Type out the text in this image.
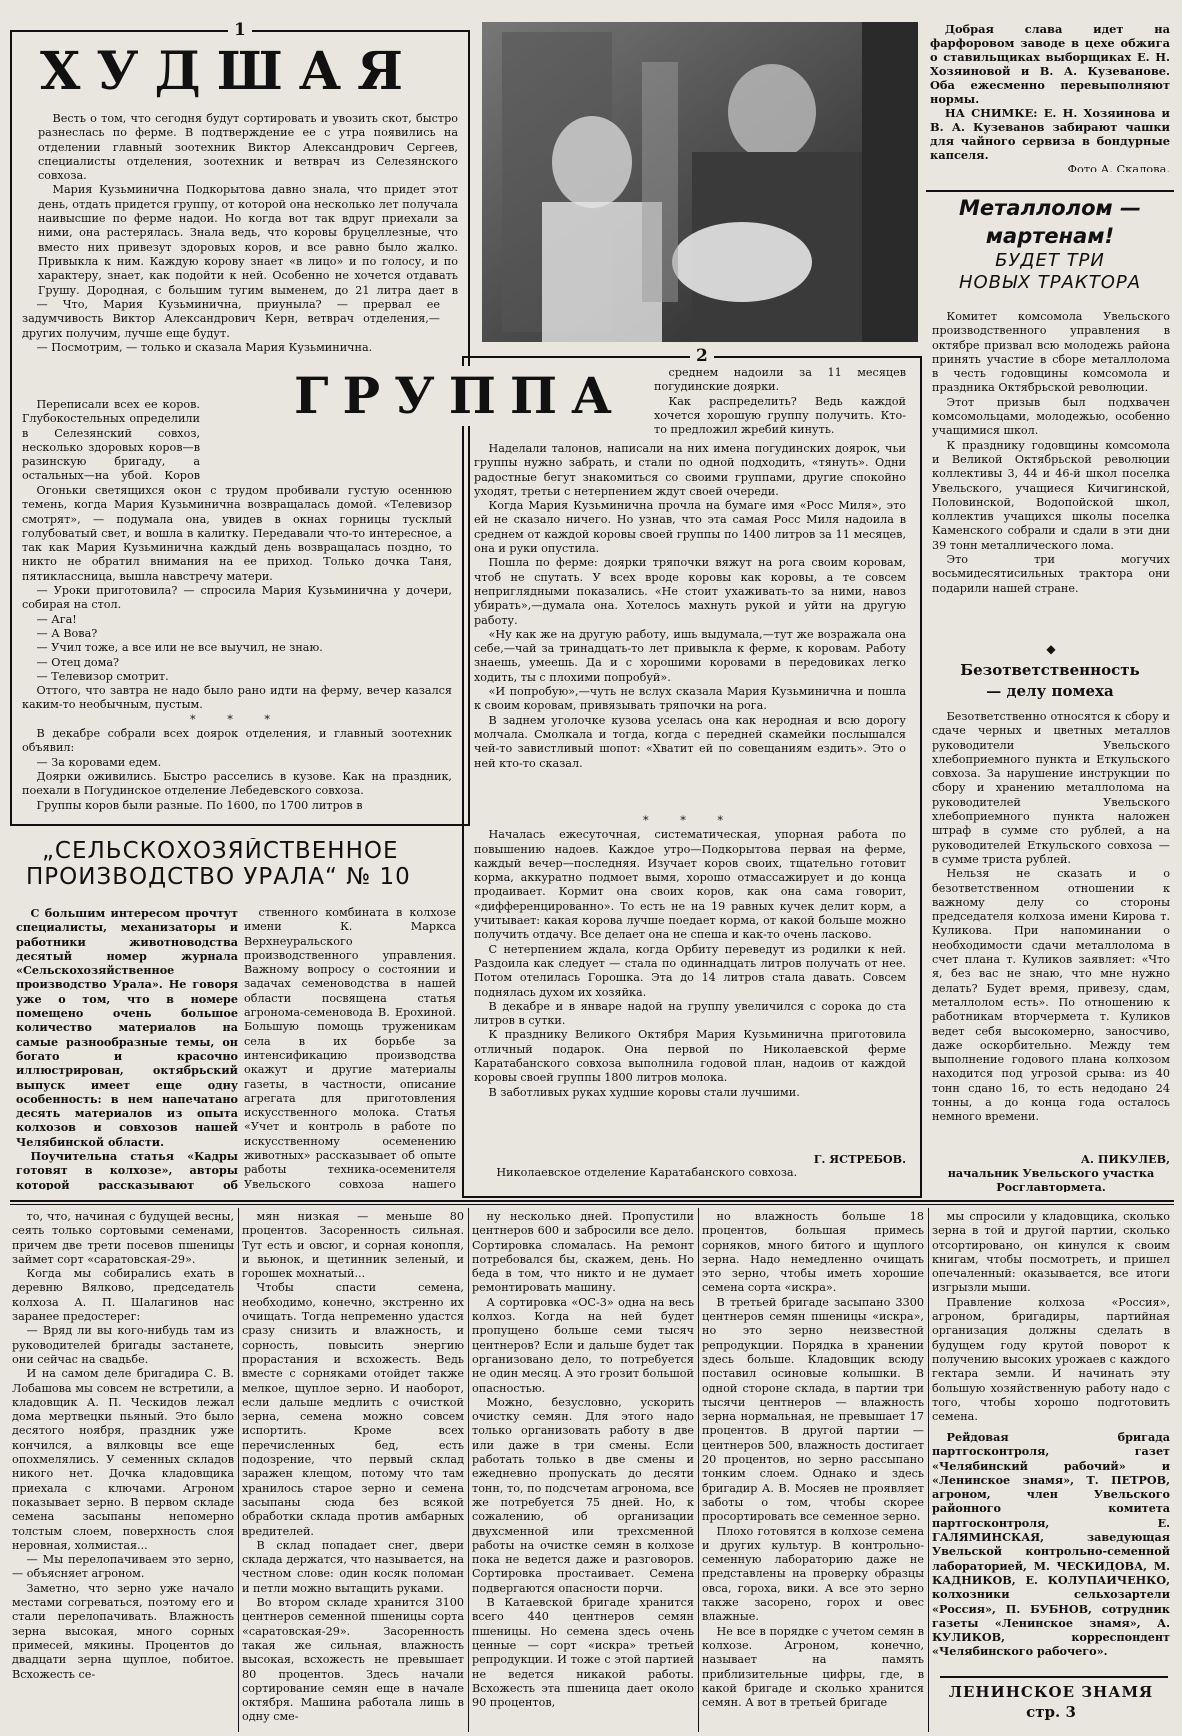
1
ХУДШАЯ

Весть о том, что сегодня будут сортировать и увозить скот, быстро разнеслась по ферме. В подтверждение ее с утра появились на отделении главный зоотехник Виктор Александрович Сергеев, специалисты отделения, зоотехник и ветврач из Селезянского совхоза.

Мария Кузьминична Подкорытова давно знала, что придет этот день, отдать придется группу, от которой она несколько лет получала наивысшие по ферме надои. Но когда вот так вдруг приехали за ними, она растерялась. Знала ведь, что коровы бруцеллезные, что вместо них привезут здоровых коров, и все равно было жалко. Привыкла к ним. Каждую корову знает «в лицо» и по голосу, и по характеру, знает, как подойти к ней. Особенно не хочется отдавать Грушу. Дородная, с большим тугим выменем, до 21 литра дает в

— Что, Мария Кузьминична, приуныла? — прервал ее задумчивость Виктор Александрович Керн, ветврач отделения,—других получим, лучше еще будут.

— Посмотрим, — только и сказала Мария Кузьминична.

Переписали всех ее коров. Глубокостельных определили в Селезянский совхоз, несколько здоровых коров—в разинскую бригаду, а остальных—на убой. Коров

Огоньки светящихся окон с трудом пробивали густую осеннюю темень, когда Мария Кузьминична возвращалась домой. «Телевизор смотрят», — подумала она, увидев в окнах горницы тусклый голубоватый свет, и вошла в калитку. Передавали что-то интересное, а так как Мария Кузьминична каждый день возвращалась поздно, то никто не обратил внимания на ее приход. Только дочка Таня, пятиклассница, вышла навстречу матери.

— Уроки приготовила? — спросила Мария Кузьминична у дочери, собирая на стол.

— Ага!

— А Вова?

— Учил тоже, а все или не все выучил, не знаю.

— Отец дома?

— Телевизор смотрит.

Оттого, что завтра не надо было рано идти на ферму, вечер казался каким-то необычным, пустым.

* * *

В декабре собрали всех доярок отделения, и главный зоотехник объявил:

— За коровами едем.

Доярки оживились. Быстро расселись в кузове. Как на праздник, поехали в Погудинское отделение Лебедевского совхоза.

Группы коров были разные. По 1600, по 1700 литров в

Добрая слава идет на фарфоровом заводе в цехе обжига о ставильщиках выборщиках Е. Н. Хозяиновой и В. А. Кузеванове. Оба ежесменно перевыполняют нормы.

НА СНИМКЕ: Е. Н. Хозяинова и В. А. Кузеванов забирают чашки для чайного сервиза в бондурные капселя.

Фото А. Скалова.

2
ГРУППА	среднем надоили за 11 месяцев погудинские доярки.

Как распределить? Ведь каждой хочется хорошую группу получить. Кто-то предложил жребий кинуть.

Наделали талонов, написали на них имена погудинских доярок, чьи группы нужно забрать, и стали по одной подходить, «тянуть». Одни радостные бегут знакомиться со своими группами, другие спокойно уходят, третьи с нетерпением ждут своей очереди.

Когда Мария Кузьминична прочла на бумаге имя «Росс Миля», это ей не сказало ничего. Но узнав, что эта самая Росс Миля надоила в среднем от каждой коровы своей группы по 1400 литров за 11 месяцев, она и руки опустила.

Пошла по ферме: доярки тряпочки вяжут на рога своим коровам, чтоб не спутать. У всех вроде коровы как коровы, а те совсем неприглядными показались. «Не стоит ухаживать-то за ними, навоз убирать»,—думала она. Хотелось махнуть рукой и уйти на другую работу.

«Ну как же на другую работу, ишь выдумала,—тут же возражала она себе,—чай за тринадцать-то лет привыкла к ферме, к коровам. Работу знаешь, умеешь. Да и с хорошими коровами в передовиках легко ходить, ты с плохими попробуй».

«И попробую»,—чуть не вслух сказала Мария Кузьминична и пошла к своим коровам, привязывать тряпочки на рога.

В заднем уголочке кузова уселась она как неродная и всю дорогу молчала. Смолкала и тогда, когда с передней скамейки послышался чей-то завистливый шопот: «Хватит ей по совещаниям ездить». Это о ней кто-то сказал.

* * *

Началась ежесуточная, систематическая, упорная работа по повышению надоев. Каждое утро—Подкорытова первая на ферме, каждый вечер—последняя. Изучает коров своих, тщательно готовит корма, аккуратно подмоет вымя, хорошо отмассажирует и до конца продаивает. Кормит она своих коров, как она сама говорит, «дифференцированно». То есть не на 19 равных кучек делит корм, а учитывает: какая корова лучше поедает корма, от какой больше можно получить отдачу. Все делает она не спеша и как-то очень ласково.

С нетерпением ждала, когда Орбиту переведут из родилки к ней. Раздоила как следует — стала по одиннадцать литров получать от нее. Потом отелилась Горошка. Эта до 14 литров стала давать. Совсем поднялась духом их хозяйка.

В декабре и в январе надой на группу увеличился с сорока до ста литров в сутки.

К празднику Великого Октября Мария Кузьминична приготовила отличный подарок. Она первой по Николаевской ферме Каратабанского совхоза выполнила годовой план, надоив от каждой коровы своей группы 1800 литров молока.

В заботливых руках худшие коровы стали лучшими.

Г. ЯСТРЕБОВ.

Николаевское отделение Каратабанского совхоза.

„СЕЛЬСКОХОЗЯЙСТВЕННОЕ
ПРОИЗВОДСТВО УРАЛА“ № 10

С большим интересом прочтут специалисты, механизаторы и работники животноводства десятый номер журнала «Сельскохозяйственное производство Урала». Не говоря уже о том, что в номере помещено очень большое количество материалов на самые разнообразные темы, он богато и красочно иллюстрирован, октябрьский выпуск имеет еще одну особенность: в нем напечатано десять материалов из опыта колхозов и совхозов нашей Челябинской области.

Поучительна статья «Кадры готовят в колхозе», авторы которой рассказывают об

ственного комбината в колхозе имени К. Маркса Верхнеуральского производственного управления. Важному вопросу о состоянии и задачах семеноводства в нашей области посвящена статья агронома-семеновода В. Ерохиной. Большую помощь труженикам села в их борьбе за интенсификацию производства окажут и другие материалы газеты, в частности, описание агрегата для приготовления искусственного молока. Статья «Учет и контроль в работе по искусственному осеменению животных» рассказывает об опыте работы техника-осеменителя Увельского совхоза нашего

Металлолом —
мартенам!
БУДЕТ ТРИ
НОВЫХ ТРАКТОРА

Комитет комсомола Увельского производственного управления в октябре призвал всю молодежь района принять участие в сборе металлолома в честь годовщины комсомола и праздника Октябрьской революции.

Этот призыв был подхвачен комсомольцами, молодежью, особенно учащимися школ.

К празднику годовщины комсомола и Великой Октябрьской революции коллективы 3, 44 и 46-й школ поселка Увельского, учащиеся Кичигинской, Половинской, Водопойской школ, коллектив учащихся школы поселка Каменского собрали и сдали в эти дни 39 тонн металлического лома.

Это три могучих восьмидесятисильных трактора они подарили нашей стране.

◆
Безответственность
— делу помеха

Безответственно относятся к сбору и сдаче черных и цветных металлов руководители Увельского хлебоприемного пункта и Еткульского совхоза. За нарушение инструкции по сбору и хранению металлолома на руководителей Увельского хлебоприемного пункта наложен штраф в сумме сто рублей, а на руководителей Еткульского совхоза — в сумме триста рублей.

Нельзя не сказать и о безответственном отношении к важному делу со стороны председателя колхоза имени Кирова т. Куликова. При напоминании о необходимости сдачи металлолома в счет плана т. Куликов заявляет: «Что я, без вас не знаю, что мне нужно делать? Будет время, привезу, сдам, металлолом есть». По отношению к работникам вторчермета т. Куликов ведет себя высокомерно, заносчиво, даже оскорбительно. Между тем выполнение годового плана колхозом находится под угрозой срыва: из 40 тонн сдано 16, то есть недодано 24 тонны, а до конца года осталось немного времени.

А. ПИКУЛЕВ,
начальник Увельского участка Росглавтормета.

то, что, начиная с будущей весны, сеять только сортовыми семенами, причем две трети посевов пшеницы займет сорт «саратовская-29».

Когда мы собирались ехать в деревню Вялково, председатель колхоза А. П. Шалагинов нас заранее предостерег:

— Вряд ли вы кого-нибудь там из руководителей бригады застанете, они сейчас на свадьбе.

И на самом деле бригадира С. В. Лобашова мы совсем не встретили, а кладовщик А. П. Ческидов лежал дома мертвецки пьяный. Это было десятого ноября, праздник уже кончился, а вялковцы все еще опохмелялись. У семенных складов никого нет. Дочка кладовщика приехала с ключами. Агроном показывает зерно. В первом складе семена засыпаны непомерно толстым слоем, поверхность слоя неровная, холмистая...

— Мы перелопачиваем это зерно, — объясняет агроном.

Заметно, что зерно уже начало местами согреваться, поэтому его и стали перелопачивать. Влажность зерна высокая, много сорных примесей, мякины. Процентов до двадцати зерна щуплое, побитое. Всхожесть се-

мян низкая — меньше 80 процентов. Засоренность сильная. Тут есть и овсюг, и сорная конопля, и вьюнок, и щетинник зеленый, и горошек мохнатый...

Чтобы спасти семена, необходимо, конечно, экстренно их очищать. Тогда непременно удастся сразу снизить и влажность, и сорность, повысить энергию прорастания и всхожесть. Ведь вместе с сорняками отойдет также мелкое, щуплое зерно. И наоборот, если дальше медлить с очисткой зерна, семена можно совсем испортить. Кроме всех перечисленных бед, есть подозрение, что первый склад заражен клещом, потому что там хранилось старое зерно и семена засыпаны сюда без всякой обработки склада против амбарных вредителей.

В склад попадает снег, двери склада держатся, что называется, на честном слове: один косяк поломан и петли можно вытащить руками.

Во втором складе хранится 3100 центнеров семенной пшеницы сорта «саратовская-29». Засоренность такая же сильная, влажность высокая, всхожесть не превышает 80 процентов. Здесь начали сортирование семян еще в начале октября. Машина работала лишь в одну сме-

ну несколько дней. Пропустили центнеров 600 и забросили все дело. Сортировка сломалась. На ремонт потребовался бы, скажем, день. Но беда в том, что никто и не думает ремонтировать машину.

А сортировка «ОС-3» одна на весь колхоз. Когда на ней будет пропущено больше семи тысяч центнеров? Если и дальше будет так организовано дело, то потребуется не один месяц. А это грозит большой опасностью.

Можно, безусловно, ускорить очистку семян. Для этого надо только организовать работу в две или даже в три смены. Если работать только в две смены и ежедневно пропускать до десяти тонн, то, по подсчетам агронома, все же потребуется 75 дней. Но, к сожалению, об организации двухсменной или трехсменной работы на очистке семян в колхозе пока не ведется даже и разговоров. Сортировка простаивает. Семена подвергаются опасности порчи.

В Катаевской бригаде хранится всего 440 центнеров семян пшеницы. Но семена здесь очень ценные — сорт «искра» третьей репродукции. И тоже с этой партией не ведется никакой работы. Всхожесть эта пшеница дает около 90 процентов,

но влажность больше 18 процентов, большая примесь сорняков, много битого и щуплого зерна. Надо немедленно очищать это зерно, чтобы иметь хорошие семена сорта «искра».

В третьей бригаде засыпано 3300 центнеров семян пшеницы «искра», но это зерно неизвестной репродукции. Порядка в хранении здесь больше. Кладовщик всюду поставил осиновые колышки. В одной стороне склада, в партии три тысячи центнеров — влажность зерна нормальная, не превышает 17 процентов. В другой партии — центнеров 500, влажность достигает 20 процентов, но зерно рассыпано тонким слоем. Однако и здесь бригадир А. В. Мосяев не проявляет заботы о том, чтобы скорее просортировать все семенное зерно.

Плохо готовятся в колхозе семена и других культур. В контрольно-семенную лабораторию даже не представлены на проверку образцы овса, гороха, вики. А все это зерно также засорено, горох и овес влажные.

Не все в порядке с учетом семян в колхозе. Агроном, конечно, называет на память приблизительные цифры, где, в какой бригаде и сколько хранится семян. А вот в третьей бригаде

мы спросили у кладовщика, сколько зерна в той и другой партии, сколько отсортировано, он кинулся к своим книгам, чтобы посмотреть, и пришел опечаленный: оказывается, все итоги изгрызли мыши.

Правление колхоза «Россия», агроном, бригадиры, партийная организация должны сделать в будущем году крутой поворот к получению высоких урожаев с каждого гектара земли. И начинать эту большую хозяйственную работу надо с того, чтобы хорошо подготовить семена.

Рейдовая бригада партгосконтроля, газет «Челябинский рабочий» и «Ленинское знамя», Т. ПЕТРОВ, агроном, член Увельского районного комитета партгосконтроля, Е. ГАЛЯМИНСКАЯ, заведующая Увельской контрольно-семенной лабораторией, М. ЧЕСКИДОВА, М. КАДНИКОВ, Е. КОЛУПАИЧЕНКО, колхозники сельхозартели «Россия», П. БУБНОВ, сотрудник газеты «Ленинское знамя», А. КУЛИКОВ, корреспондент «Челябинского рабочего».

ЛЕНИНСКОЕ ЗНАМЯ
стр. 3
